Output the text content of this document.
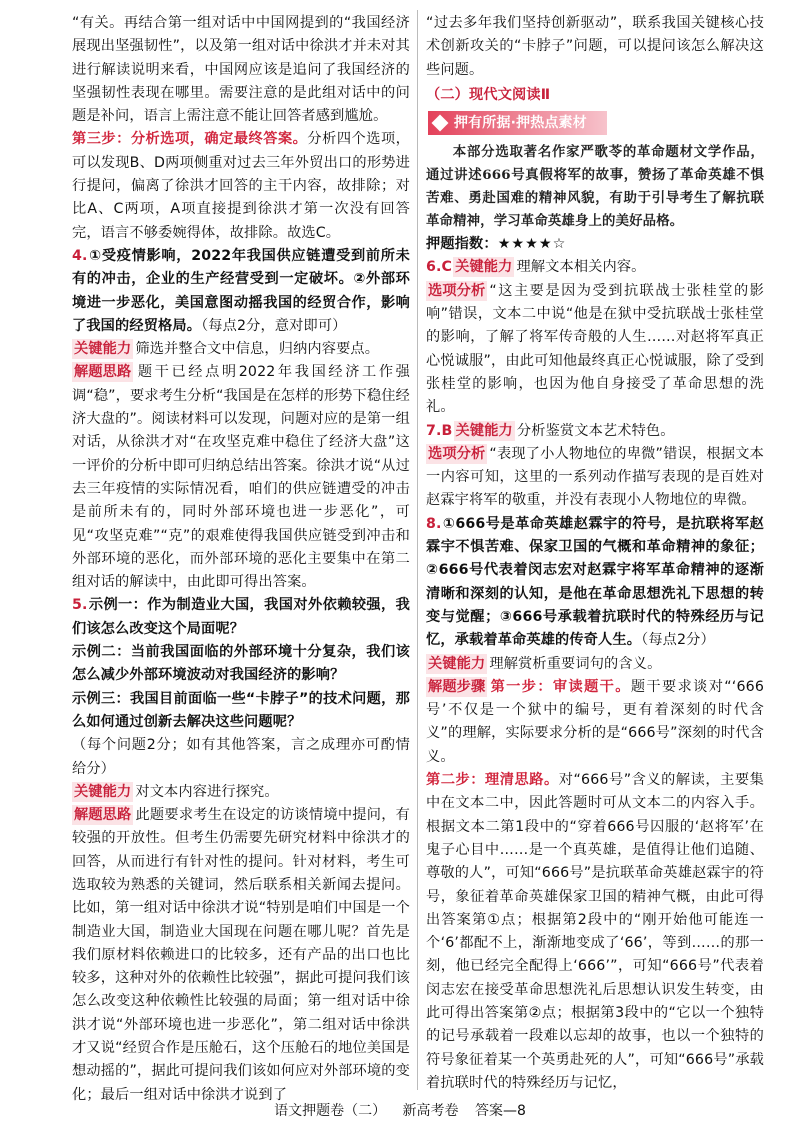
“有关。再结合第一组对话中中国网提到的“我国经济展现出坚强韧性”，以及第一组对话中徐洪才并未对其进行解读说明来看，中国网应该是追问了我国经济的坚强韧性表现在哪里。需要注意的是此组对话中的问题是补问，语言上需注意不能让回答者感到尴尬。

第三步：分析选项，确定最终答案。分析四个选项，可以发现B、D两项侧重对过去三年外贸出口的形势进行提问，偏离了徐洪才回答的主干内容，故排除；对比A、C两项，A项直接提到徐洪才第一次没有回答完，语言不够委婉得体，故排除。故选C。

4.①受疫情影响，2022年我国供应链遭受到前所未有的冲击，企业的生产经营受到一定破坏。②外部环境进一步恶化，美国意图动摇我国的经贸合作，影响了我国的经贸格局。（每点2分，意对即可）

关键能力 筛选并整合文中信息，归纳内容要点。

解题思路 题干已经点明2022年我国经济工作强调“稳”，要求考生分析“我国是在怎样的形势下稳住经济大盘的”。阅读材料可以发现，问题对应的是第一组对话，从徐洪才对“在攻坚克难中稳住了经济大盘”这一评价的分析中即可归纳总结出答案。徐洪才说“从过去三年疫情的实际情况看，咱们的供应链遭受的冲击是前所未有的，同时外部环境也进一步恶化”，可见“攻坚克难”“克”的艰难使得我国供应链受到冲击和外部环境的恶化，而外部环境的恶化主要集中在第二组对话的解读中，由此即可得出答案。

5.示例一：作为制造业大国，我国对外依赖较强，我们该怎么改变这个局面呢？

示例二：当前我国面临的外部环境十分复杂，我们该怎么减少外部环境波动对我国经济的影响？

示例三：我国目前面临一些“卡脖子”的技术问题，那么如何通过创新去解决这些问题呢？

（每个问题2分；如有其他答案，言之成理亦可酌情给分）

关键能力 对文本内容进行探究。

解题思路 此题要求考生在设定的访谈情境中提问，有较强的开放性。但考生仍需要先研究材料中徐洪才的回答，从而进行有针对性的提问。针对材料，考生可选取较为熟悉的关键词，然后联系相关新闻去提问。比如，第一组对话中徐洪才说“特别是咱们中国是一个制造业大国，制造业大国现在问题在哪儿呢？首先是我们原材料依赖进口的比较多，还有产品的出口也比较多，这种对外的依赖性比较强”，据此可提问我们该怎么改变这种依赖性比较强的局面；第一组对话中徐洪才说“外部环境也进一步恶化”，第二组对话中徐洪才又说“经贸合作是压舱石，这个压舱石的地位美国是想动摇的”，据此可提问我们该如何应对外部环境的变化；最后一组对话中徐洪才说到了

“过去多年我们坚持创新驱动”，联系我国关键核心技术创新攻关的“卡脖子”问题，可以提问该怎么解决这些问题。

（二）现代文阅读Ⅱ

押有所据·押热点素材

本部分选取著名作家严歌苓的革命题材文学作品，通过讲述666号真假将军的故事，赞扬了革命英雄不惧苦难、勇赴国难的精神风貌，有助于引导考生了解抗联革命精神，学习革命英雄身上的美好品格。

押题指数：★★★★☆

6.C 关键能力 理解文本相关内容。

选项分析 “这主要是因为受到抗联战士张桂堂的影响”错误，文本二中说“他是在狱中受抗联战士张桂堂的影响，了解了将军传奇般的人生……对赵将军真正心悦诚服”，由此可知他最终真正心悦诚服，除了受到张桂堂的影响，也因为他自身接受了革命思想的洗礼。

7.B 关键能力 分析鉴赏文本艺术特色。

选项分析 “表现了小人物地位的卑微”错误，根据文本一内容可知，这里的一系列动作描写表现的是百姓对赵霖宇将军的敬重，并没有表现小人物地位的卑微。

8.①666号是革命英雄赵霖宇的符号，是抗联将军赵霖宇不惧苦难、保家卫国的气概和革命精神的象征；②666号代表着闵志宏对赵霖宇将军革命精神的逐渐清晰和深刻的认知，是他在革命思想洗礼下思想的转变与觉醒；③666号承载着抗联时代的特殊经历与记忆，承载着革命英雄的传奇人生。（每点2分）

关键能力 理解赏析重要词句的含义。

解题步骤 第一步：审读题干。题干要求谈对“‘666号’不仅是一个狱中的编号，更有着深刻的时代含义”的理解，实际要求分析的是“666号”深刻的时代含义。

第二步：理清思路。对“666号”含义的解读，主要集中在文本二中，因此答题时可从文本二的内容入手。根据文本二第1段中的“穿着666号囚服的‘赵将军’在鬼子心目中……是一个真英雄，是值得让他们追随、尊敬的人”，可知“666号”是抗联革命英雄赵霖宇的符号，象征着革命英雄保家卫国的精神气概，由此可得出答案第①点；根据第2段中的“刚开始他可能连一个‘6’都配不上，渐渐地变成了‘66’，等到……的那一刻，他已经完全配得上‘666’”，可知“666号”代表着闵志宏在接受革命思想洗礼后思想认识发生转变，由此可得出答案第②点；根据第3段中的“它以一个独特的记号承载着一段难以忘却的故事，也以一个独特的符号象征着某一个英勇赴死的人”，可知“666号”承载着抗联时代的特殊经历与记忆，

语文押题卷（二） 新高考卷 答案—8
